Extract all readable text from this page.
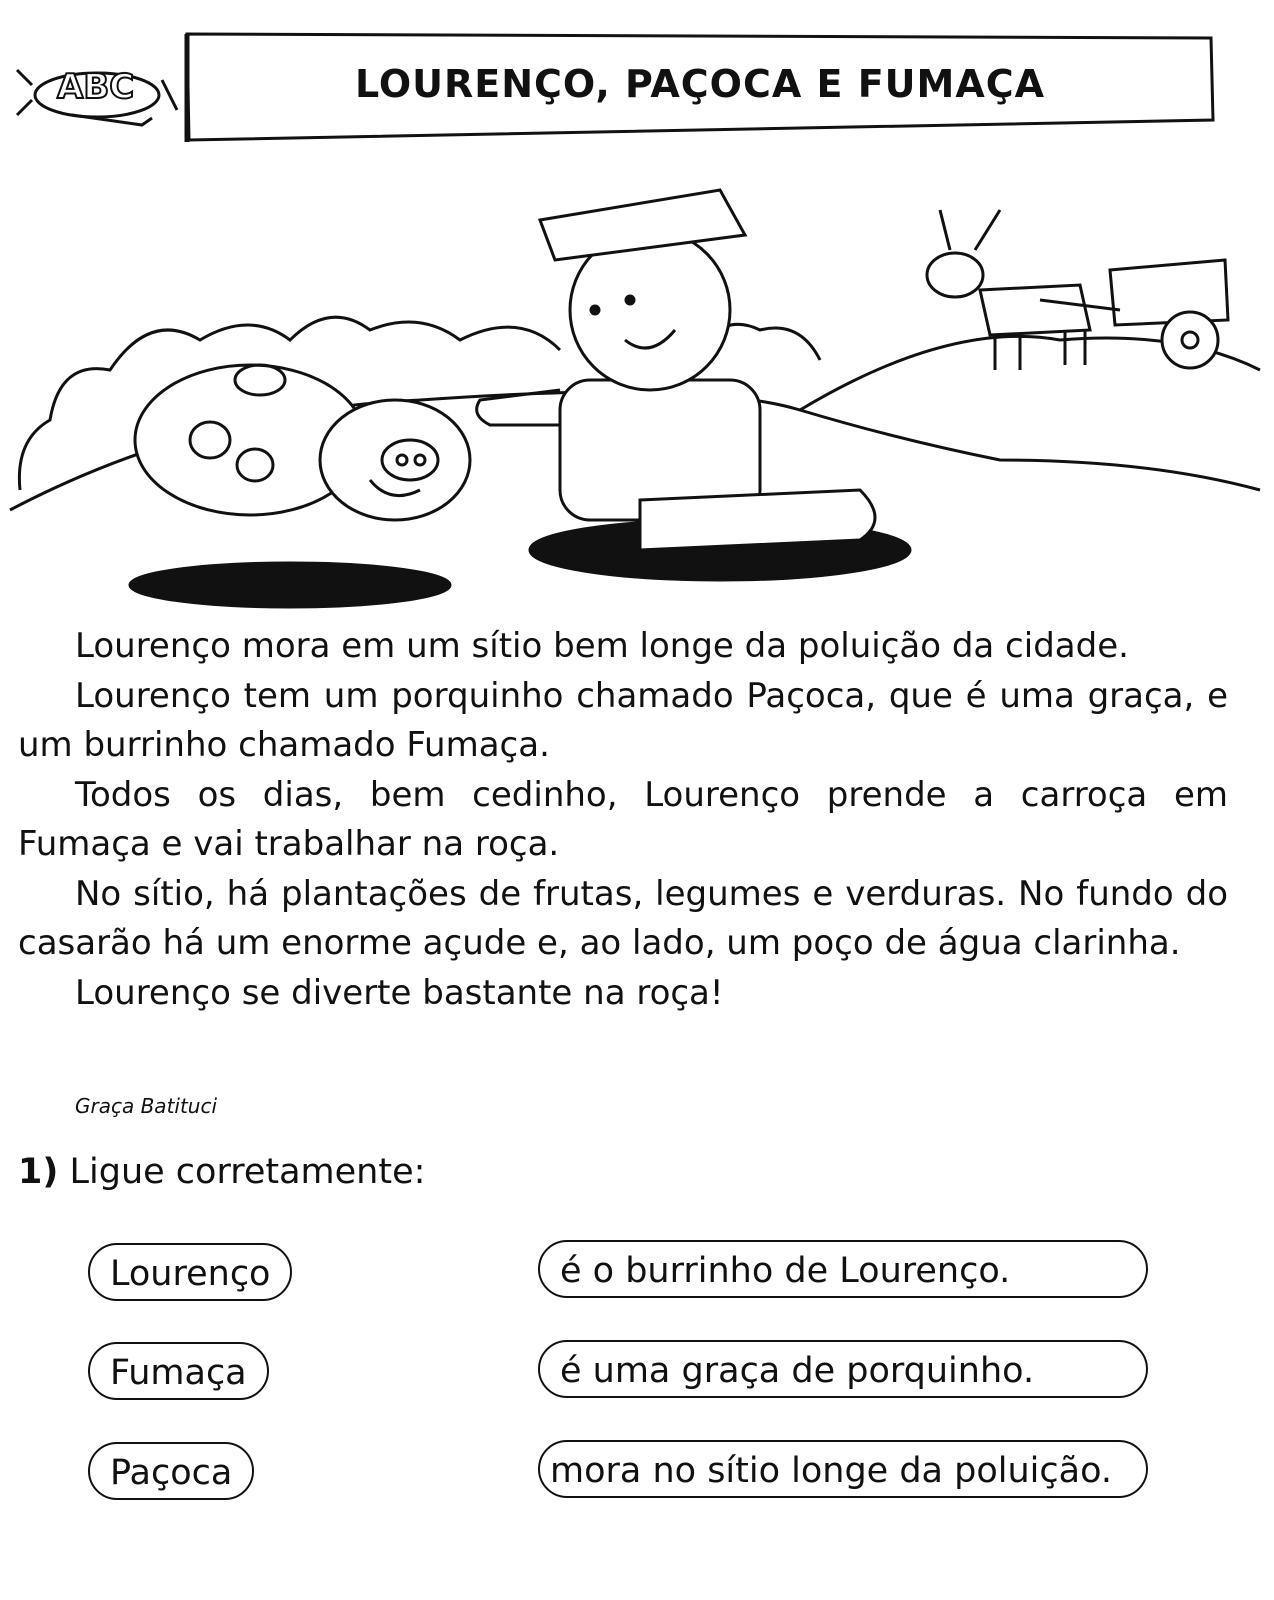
ABC	LOURENÇO, PAÇOCA E FUMAÇA

Lourenço mora em um sítio bem longe da poluição da cidade.

Lourenço tem um porquinho chamado Paçoca, que é uma graça, e um burrinho chamado Fumaça.

Todos os dias, bem cedinho, Lourenço prende a carroça em Fumaça e vai trabalhar na roça.

No sítio, há plantações de frutas, legumes e verduras. No fundo do casarão há um enorme açude e, ao lado, um poço de água clarinha.

Lourenço se diverte bastante na roça!

Graça Batituci
1) Ligue corretamente:
Lourenço
Fumaça
Paçoca
é o burrinho de Lourenço.
é uma graça de porquinho.
mora no sítio longe da poluição.
